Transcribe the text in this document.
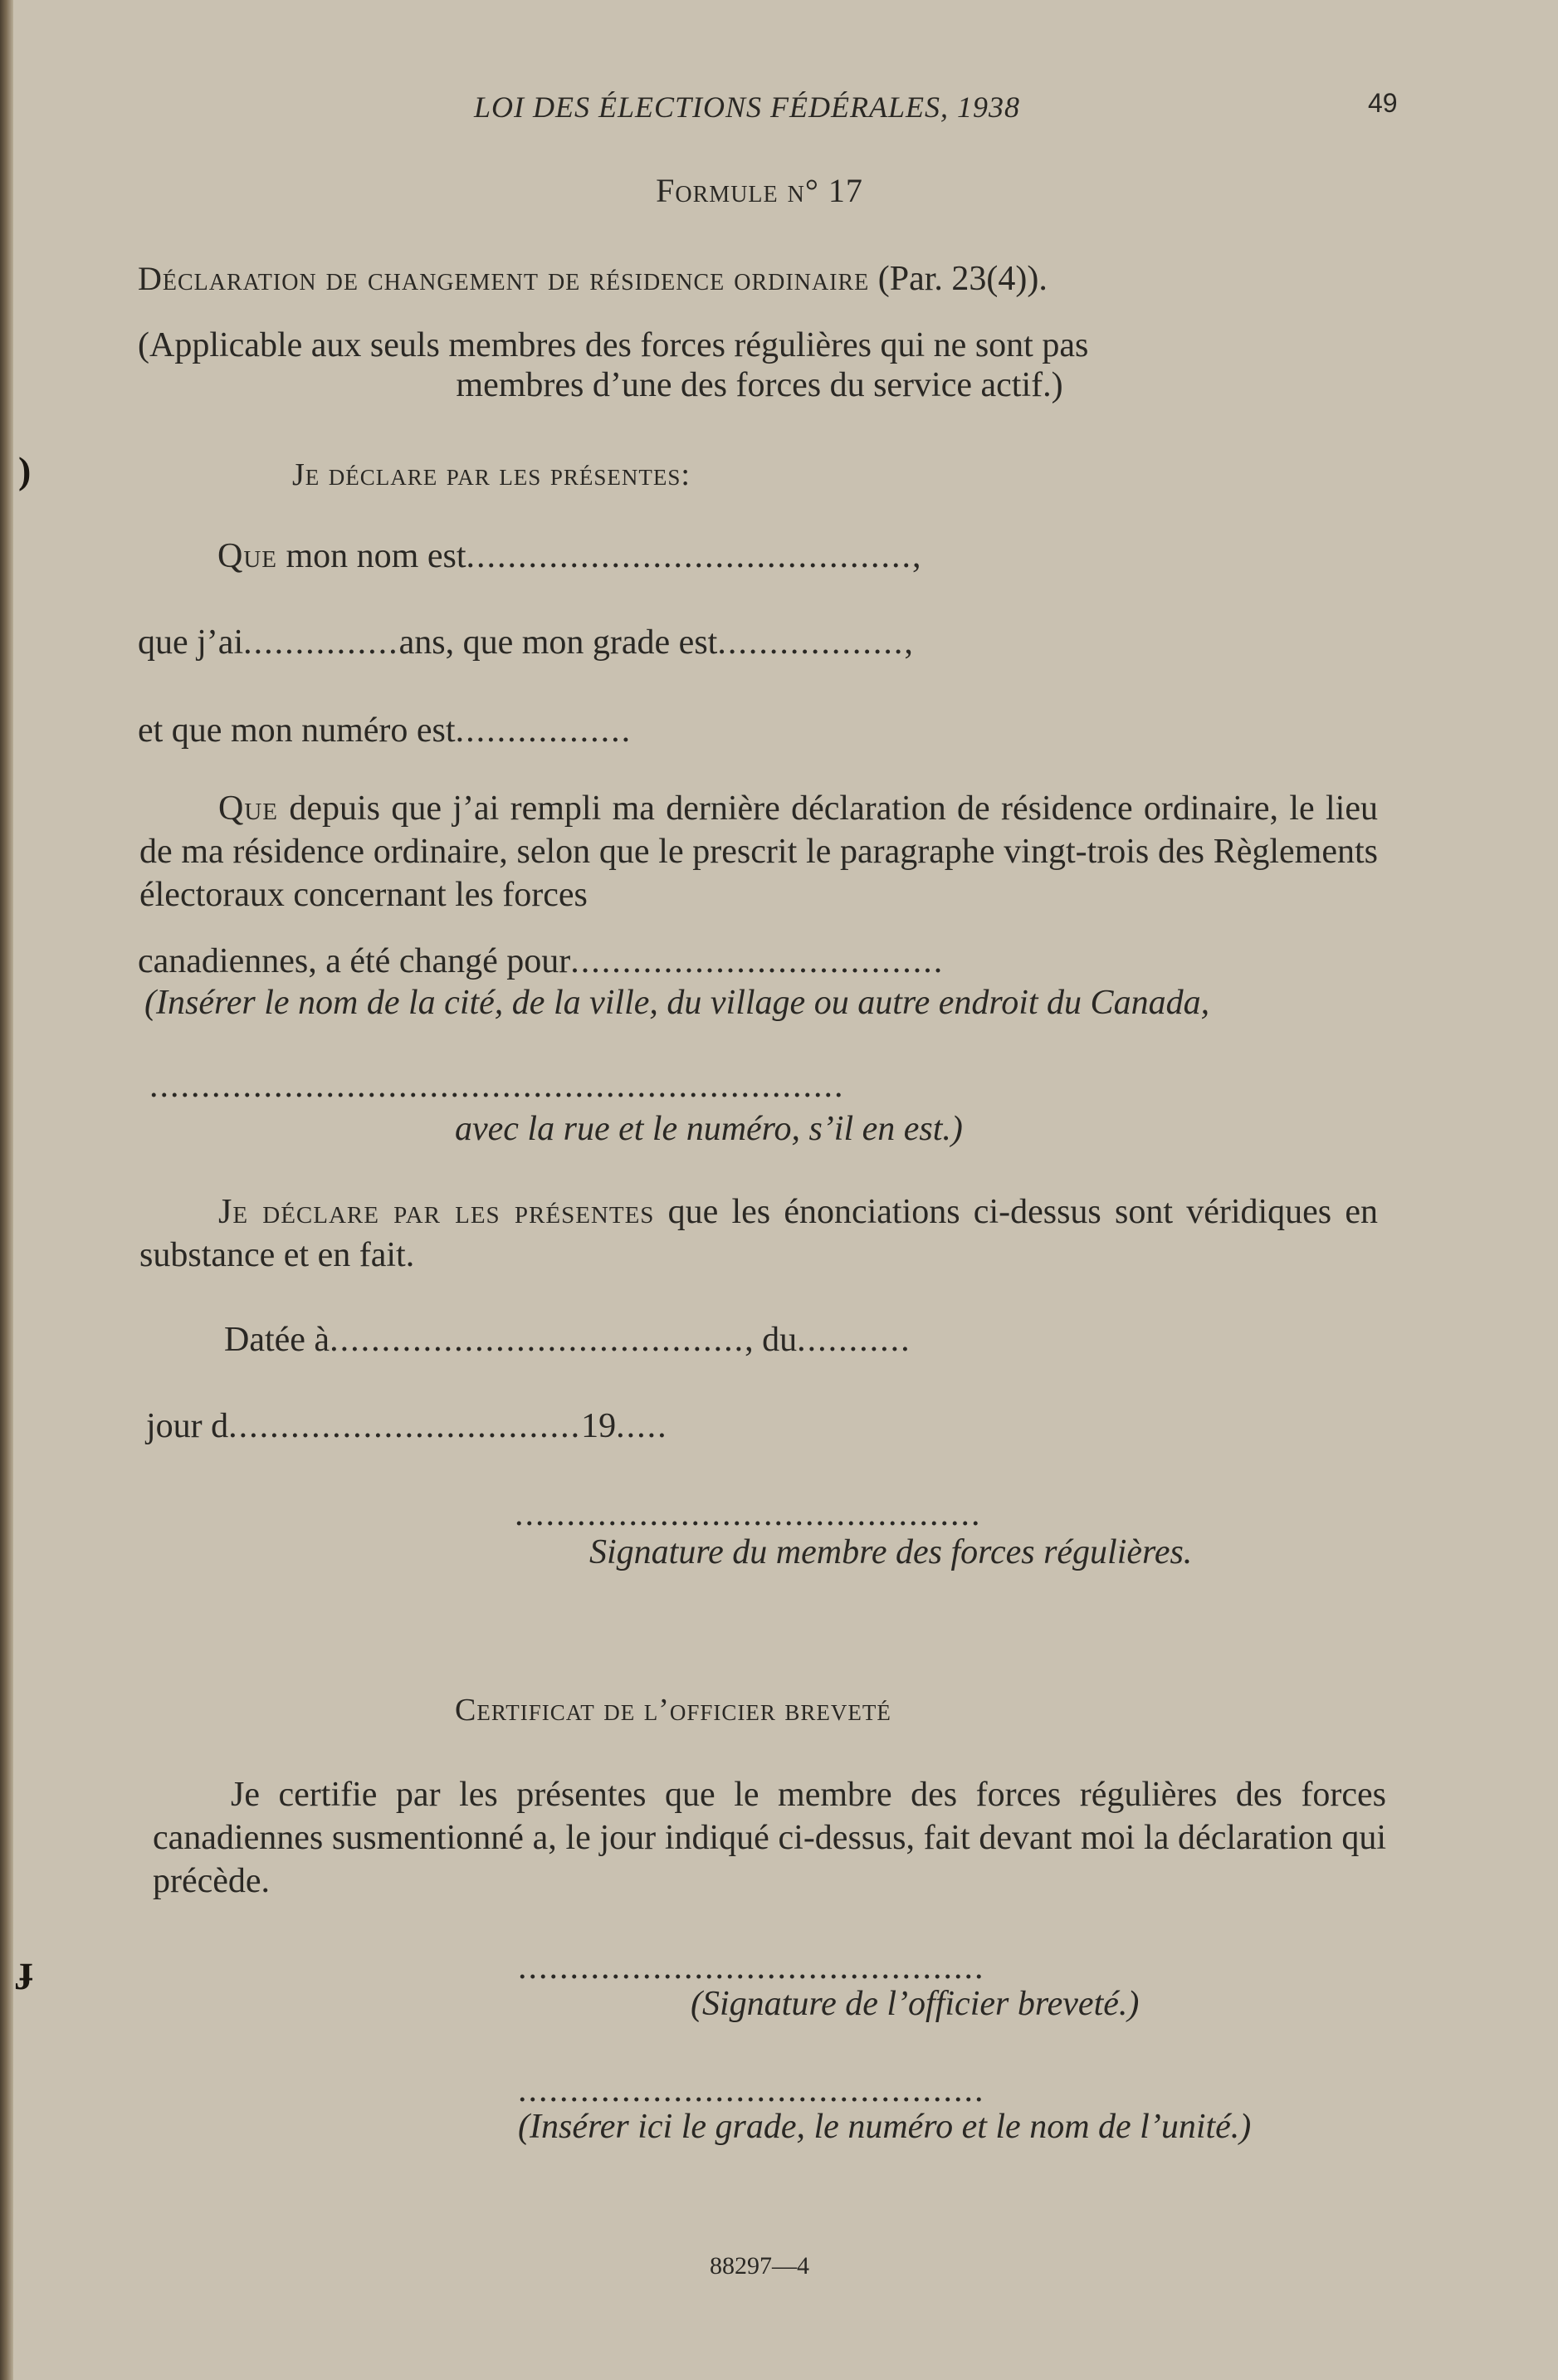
)
ɟ
LOI DES ÉLECTIONS FÉDÉRALES, 1938	49
Formule n° 17
Déclaration de changement de résidence ordinaire (Par. 23(4)).
(Applicable aux seuls membres des forces régulières qui ne sont pas
membres d’une des forces du service actif.)
Je déclare par les présentes:
Que mon nom est...........................................,
que j’ai...............ans, que mon grade est..................,
et que mon numéro est.................
Que depuis que j’ai rempli ma dernière déclaration de résidence ordinaire, le lieu de ma résidence ordinaire, selon que le prescrit le paragraphe vingt-trois des Règlements électoraux concernant les forces
canadiennes, a été changé pour....................................
(Insérer le nom de la cité, de la ville, du village ou autre endroit du Canada,
...................................................................
avec la rue et le numéro, s’il en est.)
Je déclare par les présentes que les énonciations ci-dessus sont véridiques en substance et en fait.
Datée à........................................, du...........
jour d..................................19.....
.............................................
Signature du membre des forces régulières.
Certificat de l’officier breveté
Je certifie par les présentes que le membre des forces régulières des forces canadiennes susmentionné a, le jour indiqué ci-dessus, fait devant moi la déclaration qui précède.
.............................................
(Signature de l’officier breveté.)
.............................................
(Insérer ici le grade, le numéro et le nom de l’unité.)
88297—4
